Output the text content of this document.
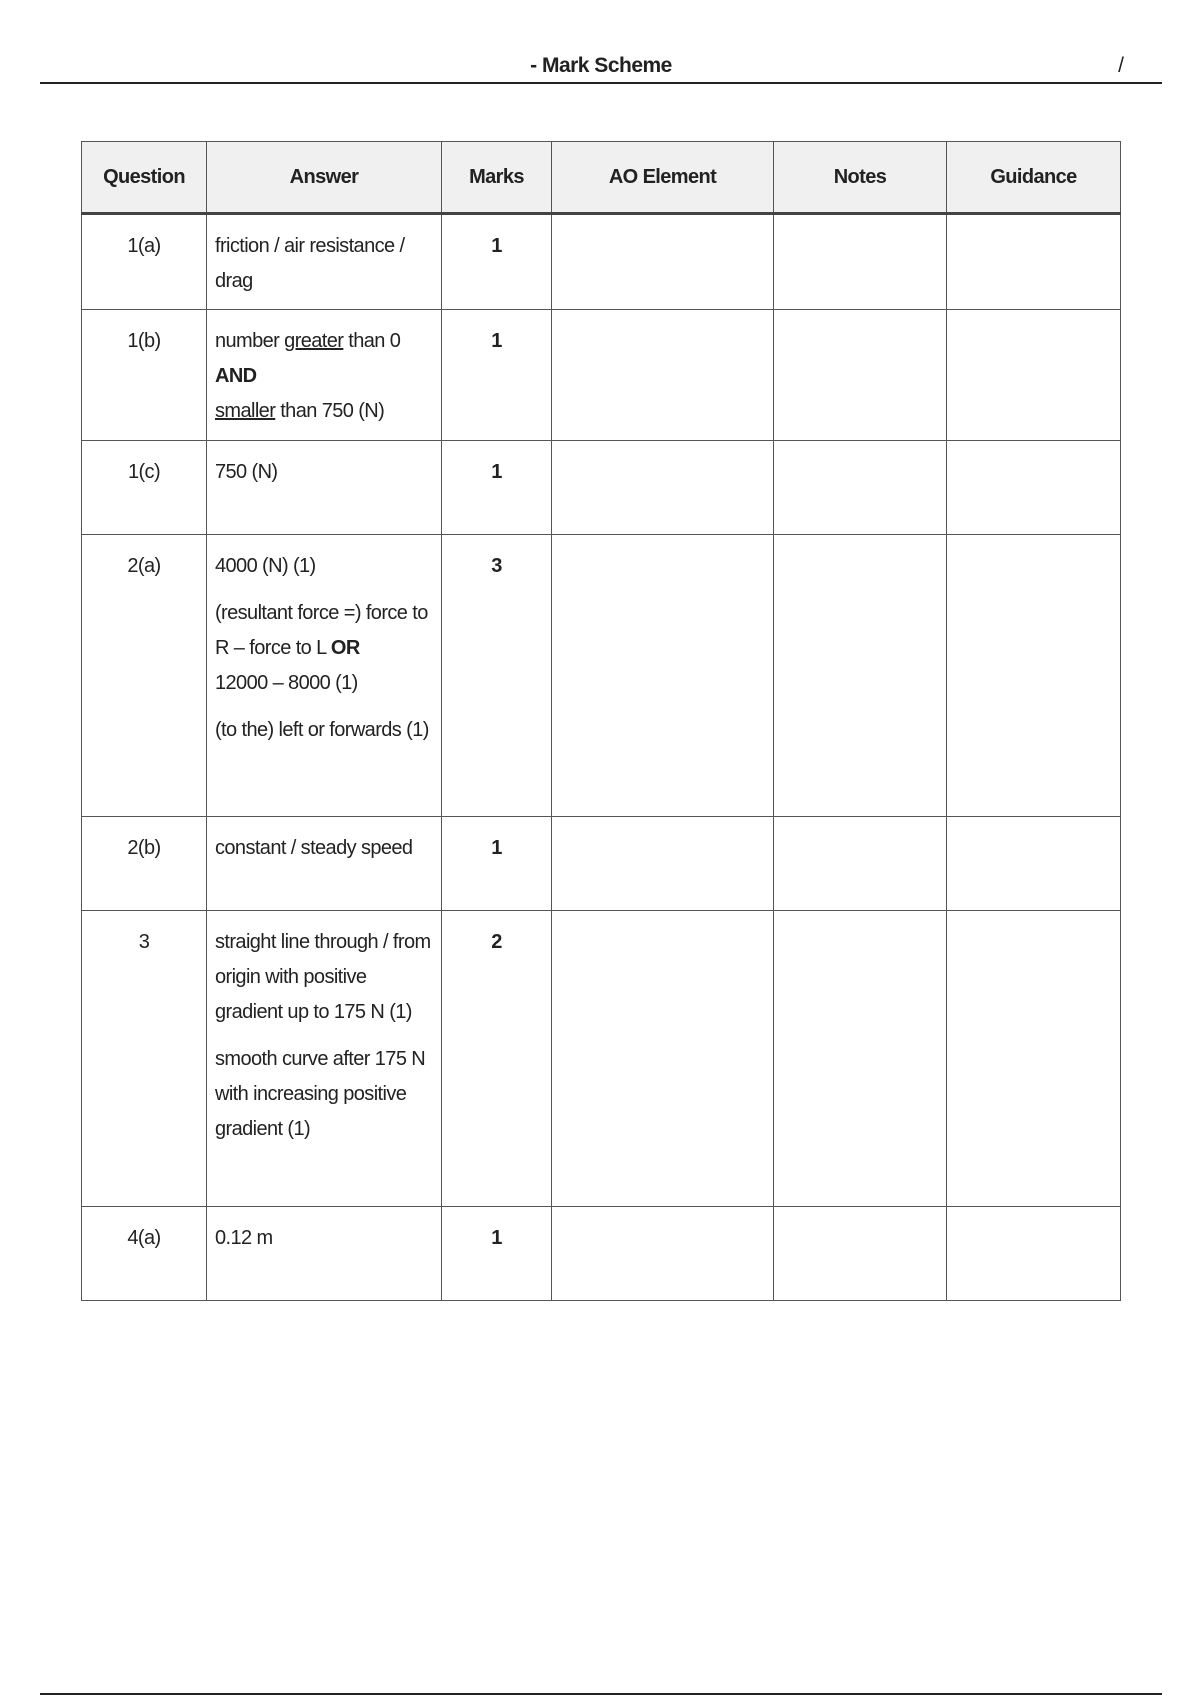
- Mark Scheme	/
Question	Answer	Marks	AO Element	Notes	Guidance
1(a)	friction / air resistance / drag	1			
1(b)	number greater than 0 AND
smaller than 750 (N)	1			
1(c)	750 (N)	1			
2(a)	4000 (N) (1)
(resultant force =) force to R – force to L OR
12000 – 8000 (1)
(to the) left or forwards (1)	3			
2(b)	constant / steady speed	1			
3	straight line through / from origin with positive gradient up to 175 N (1)
smooth curve after 175 N with increasing positive gradient (1)	2			
4(a)	0.12 m	1			
